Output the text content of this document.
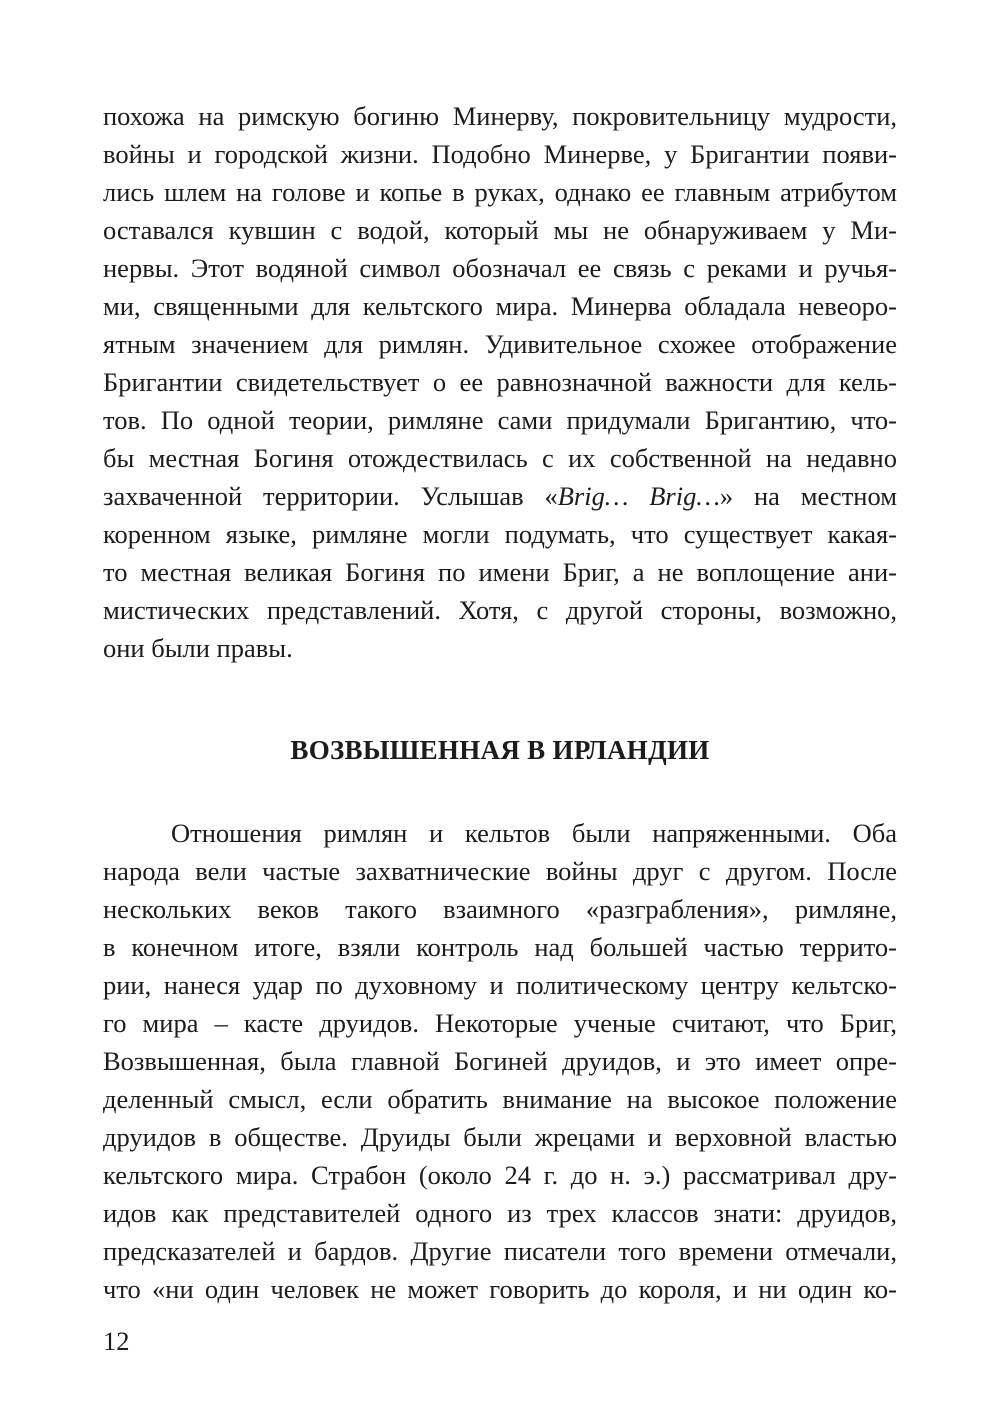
похожа на римскую богиню Минерву, покровительницу мудрости,

войны и городской жизни. Подобно Минерве, у Бригантии появи-

лись шлем на голове и копье в руках, однако ее главным атрибутом

оставался кувшин с водой, который мы не обнаруживаем у Ми-

нервы. Этот водяной символ обозначал ее связь с реками и ручья-

ми, священными для кельтского мира. Минерва обладала невеоро-

ятным значением для римлян. Удивительное схожее отображение

Бригантии свидетельствует о ее равнозначной важности для кель-

тов. По одной теории, римляне сами придумали Бригантию, что-

бы местная Богиня отождествилась с их собственной на недавно

захваченной территории. Услышав «Brig… Brig…» на местном

коренном языке, римляне могли подумать, что существует какая-

то местная великая Богиня по имени Бриг, а не воплощение ани-

мистических представлений. Хотя, с другой стороны, возможно,

они были правы.

ВОЗВЫШЕННАЯ В ИРЛАНДИИ

Отношения римлян и кельтов были напряженными. Оба

народа вели частые захватнические войны друг с другом. После

нескольких веков такого взаимного «разграбления», римляне,

в конечном итоге, взяли контроль над большей частью террито-

рии, нанеся удар по духовному и политическому центру кельтско-

го мира – касте друидов. Некоторые ученые считают, что Бриг,

Возвышенная, была главной Богиней друидов, и это имеет опре-

деленный смысл, если обратить внимание на высокое положение

друидов в обществе. Друиды были жрецами и верховной властью

кельтского мира. Страбон (около 24 г. до н. э.) рассматривал дру-

идов как представителей одного из трех классов знати: друидов,

предсказателей и бардов. Другие писатели того времени отмечали,

что «ни один человек не может говорить до короля, и ни один ко-

12
